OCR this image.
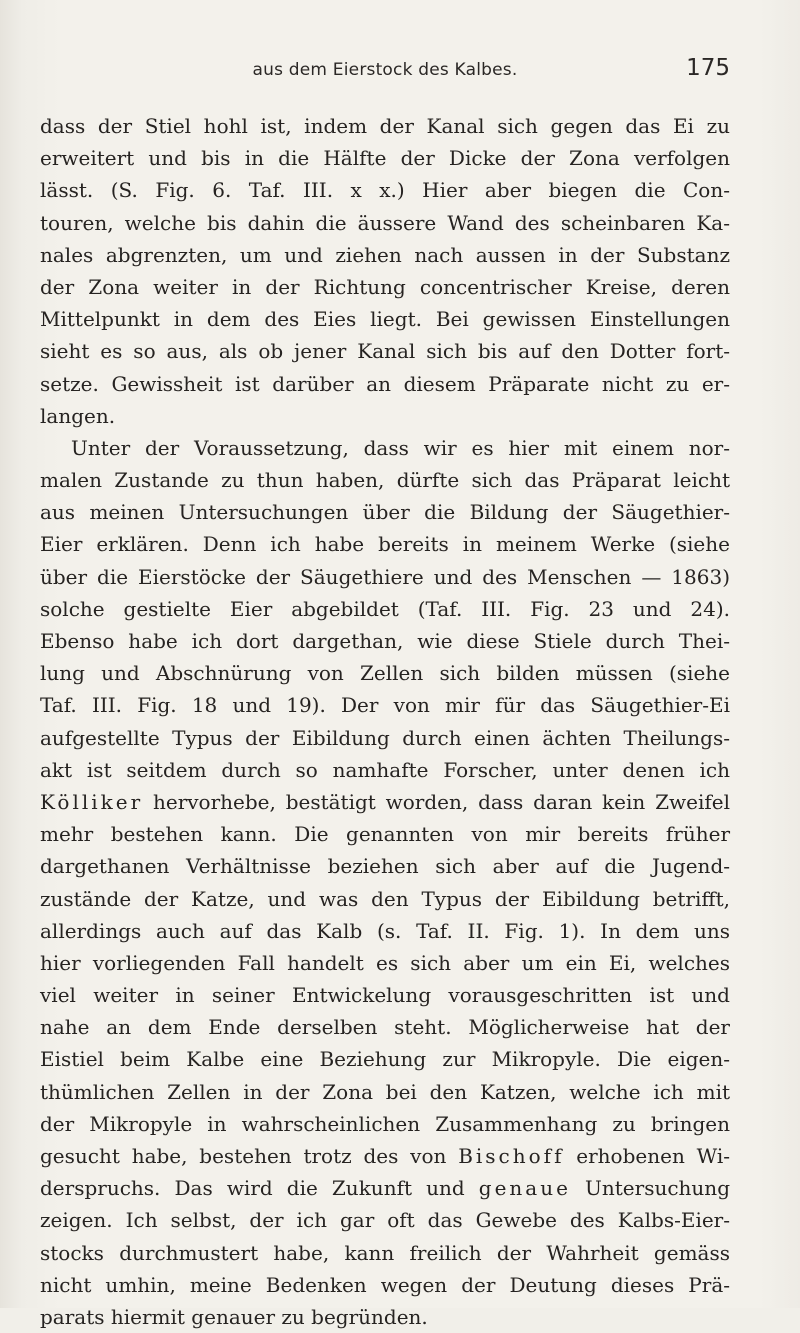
aus dem Eierstock des Kalbes.	175
dass der Stiel hohl ist, indem der Kanal sich gegen das Ei zu
erweitert und bis in die Hälfte der Dicke der Zona verfolgen
lässt. (S. Fig. 6. Taf. III. x x.) Hier aber biegen die Con-
touren, welche bis dahin die äussere Wand des scheinbaren Ka-
nales abgrenzten, um und ziehen nach aussen in der Substanz
der Zona weiter in der Richtung concentrischer Kreise, deren
Mittelpunkt in dem des Eies liegt. Bei gewissen Einstellungen
sieht es so aus, als ob jener Kanal sich bis auf den Dotter fort-
setze. Gewissheit ist darüber an diesem Präparate nicht zu er-
langen.
Unter der Voraussetzung, dass wir es hier mit einem nor-
malen Zustande zu thun haben, dürfte sich das Präparat leicht
aus meinen Untersuchungen über die Bildung der Säugethier-
Eier erklären. Denn ich habe bereits in meinem Werke (siehe
über die Eierstöcke der Säugethiere und des Menschen — 1863)
solche gestielte Eier abgebildet (Taf. III. Fig. 23 und 24).
Ebenso habe ich dort dargethan, wie diese Stiele durch Thei-
lung und Abschnürung von Zellen sich bilden müssen (siehe
Taf. III. Fig. 18 und 19). Der von mir für das Säugethier-Ei
aufgestellte Typus der Eibildung durch einen ächten Theilungs-
akt ist seitdem durch so namhafte Forscher, unter denen ich
Kölliker hervorhebe, bestätigt worden, dass daran kein Zweifel
mehr bestehen kann. Die genannten von mir bereits früher
dargethanen Verhältnisse beziehen sich aber auf die Jugend-
zustände der Katze, und was den Typus der Eibildung betrifft,
allerdings auch auf das Kalb (s. Taf. II. Fig. 1). In dem uns
hier vorliegenden Fall handelt es sich aber um ein Ei, welches
viel weiter in seiner Entwickelung vorausgeschritten ist und
nahe an dem Ende derselben steht. Möglicherweise hat der
Eistiel beim Kalbe eine Beziehung zur Mikropyle. Die eigen-
thümlichen Zellen in der Zona bei den Katzen, welche ich mit
der Mikropyle in wahrscheinlichen Zusammenhang zu bringen
gesucht habe, bestehen trotz des von Bischoff erhobenen Wi-
derspruchs. Das wird die Zukunft und genaue Untersuchung
zeigen. Ich selbst, der ich gar oft das Gewebe des Kalbs-Eier-
stocks durchmustert habe, kann freilich der Wahrheit gemäss
nicht umhin, meine Bedenken wegen der Deutung dieses Prä-
parats hiermit genauer zu begründen.
